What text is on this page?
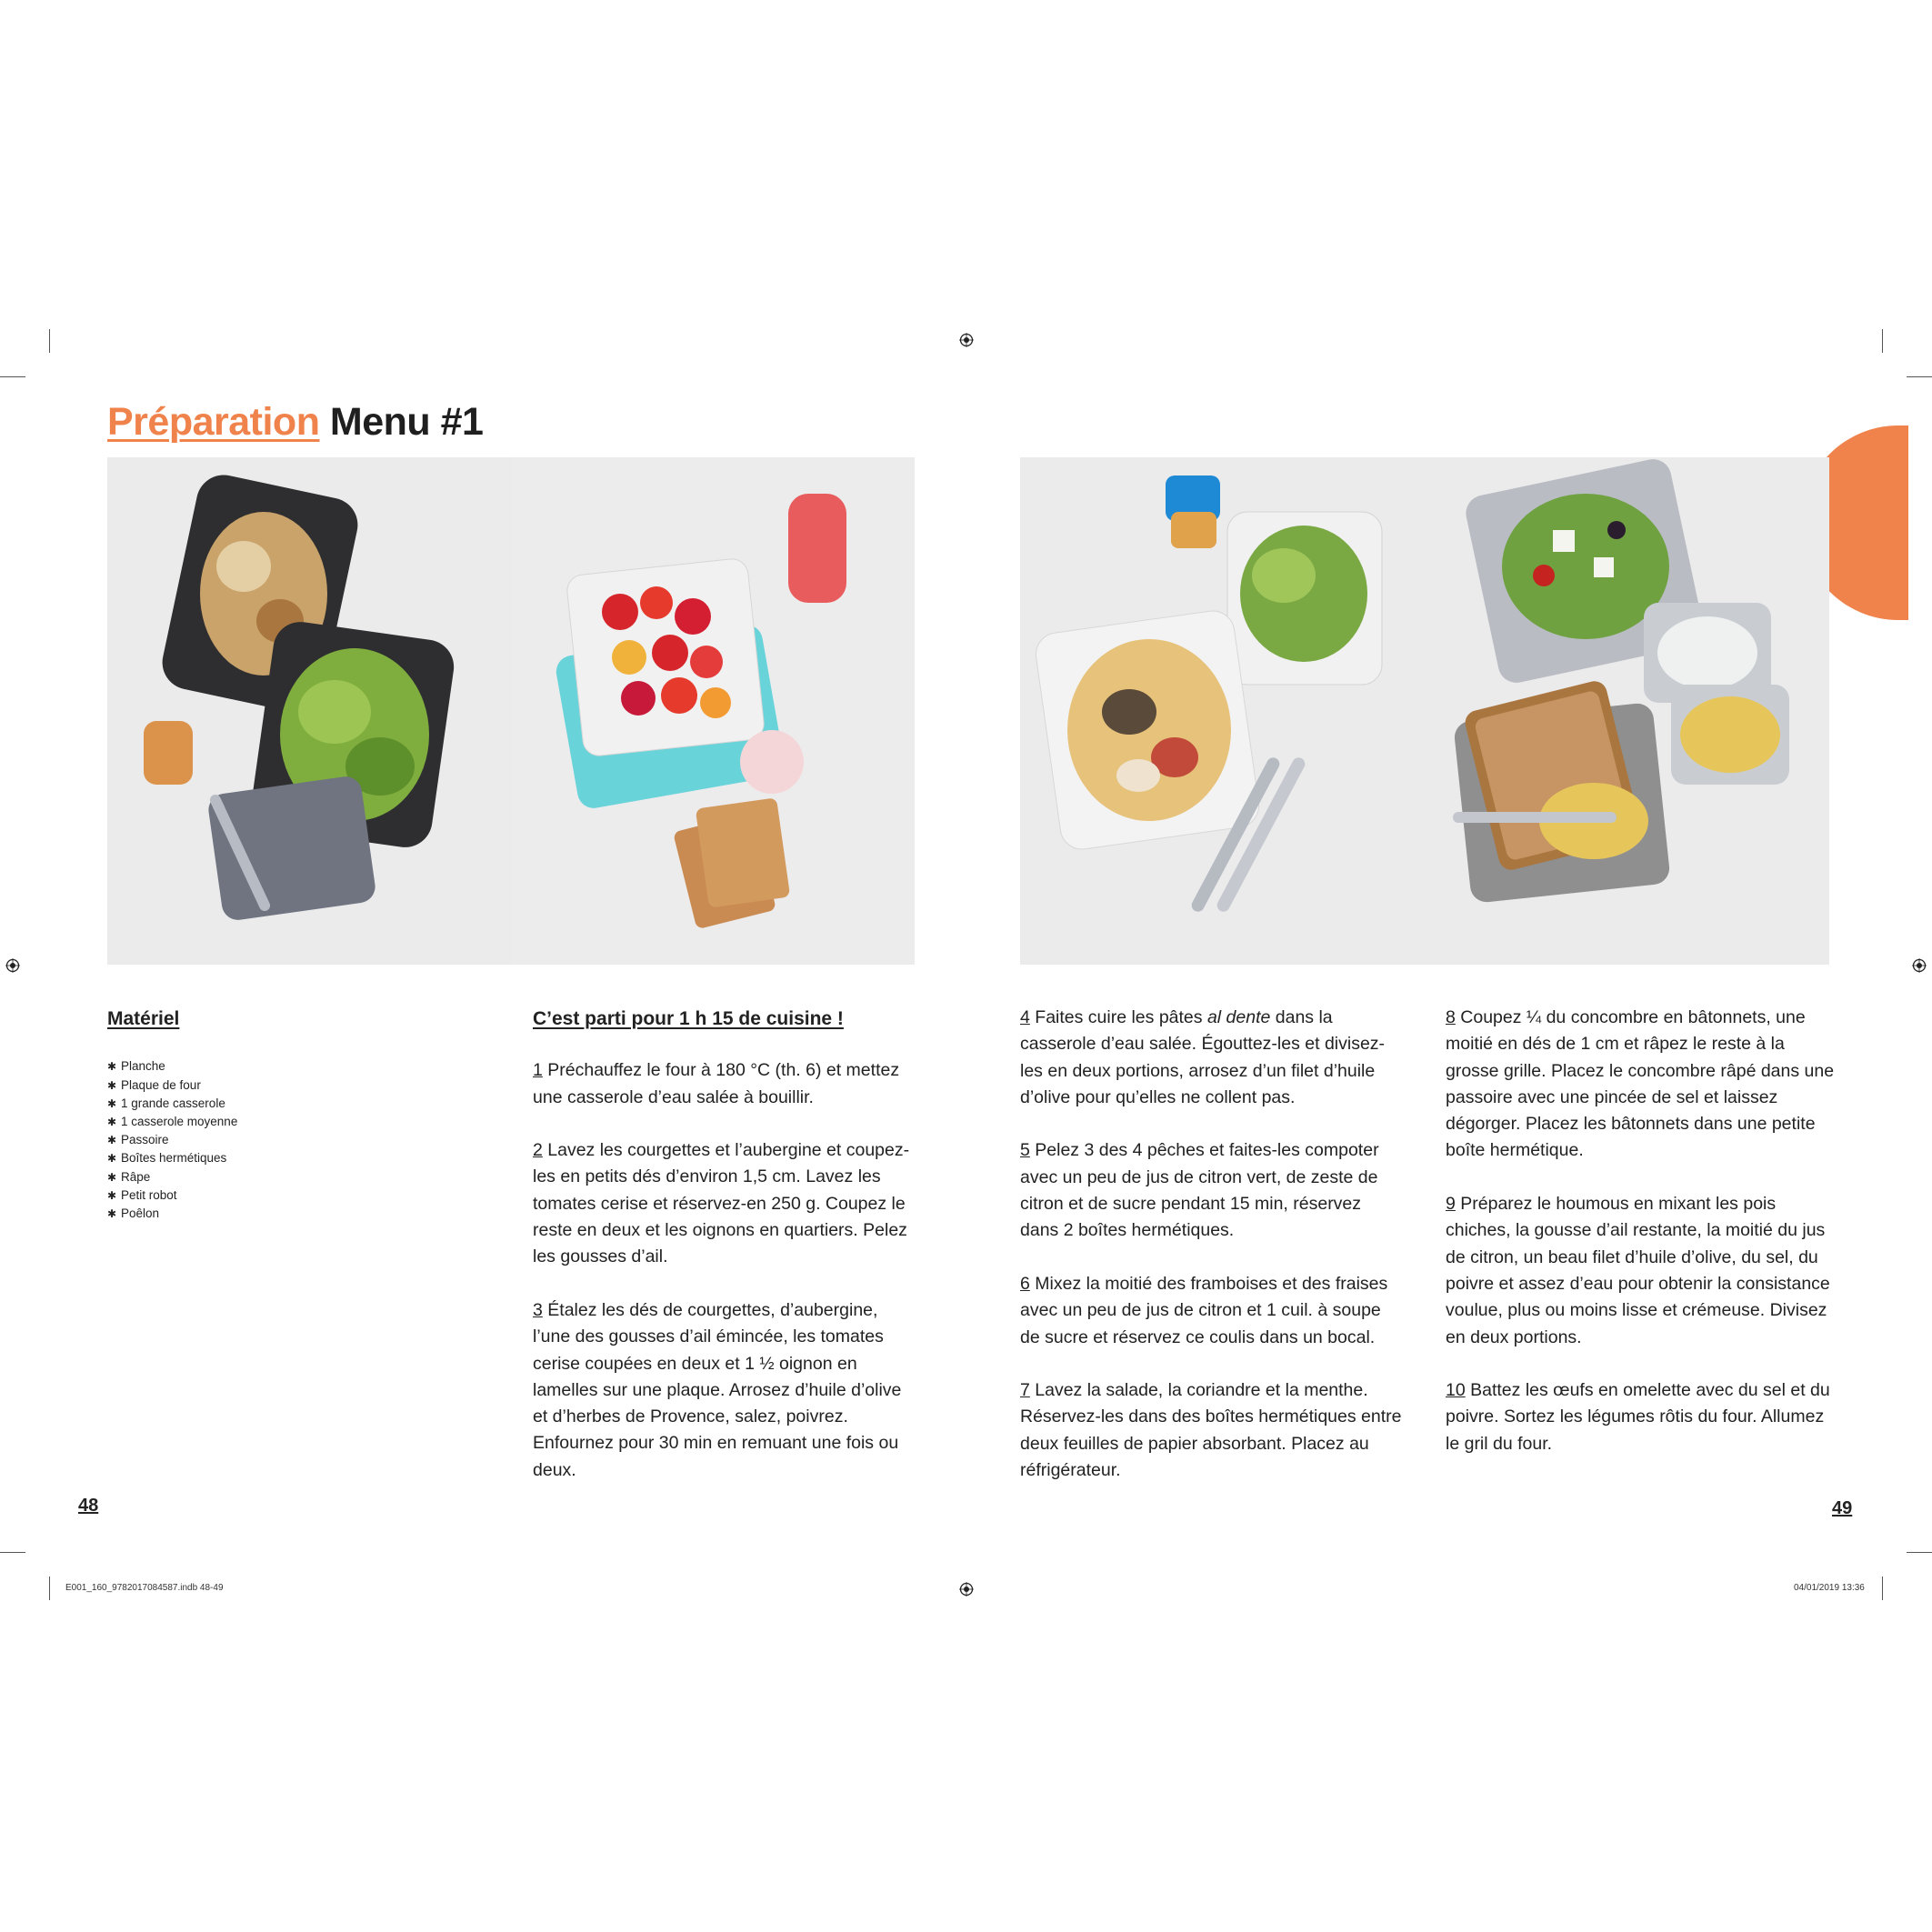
Préparation Menu #1
Matériel
✱ Planche
✱ Plaque de four
✱ 1 grande casserole
✱ 1 casserole moyenne
✱ Passoire
✱ Boîtes hermétiques
✱ Râpe
✱ Petit robot
✱ Poêlon
C’est parti pour 1 h 15 de cuisine !

1 Préchauffez le four à 180 °C (th. 6) et mettez une casserole d’eau salée à bouillir.

2 Lavez les courgettes et l’aubergine et coupez-les en petits dés d’environ 1,5 cm. Lavez les tomates cerise et réservez-en 250 g. Coupez le reste en deux et les oignons en quartiers. Pelez les gousses d’ail.

3 Étalez les dés de courgettes, d’aubergine, l’une des gousses d’ail émincée, les tomates cerise coupées en deux et 1 ½ oignon en lamelles sur une plaque. Arrosez d’huile d’olive et d’herbes de Provence, salez, poivrez. Enfournez pour 30 min en remuant une fois ou deux.

4 Faites cuire les pâtes al dente dans la casserole d’eau salée. Égouttez-les et divisez-les en deux portions, arrosez d’un filet d’huile d’olive pour qu’elles ne collent pas.

5 Pelez 3 des 4 pêches et faites-les compoter avec un peu de jus de citron vert, de zeste de citron et de sucre pendant 15 min, réservez dans 2 boîtes hermétiques.

6 Mixez la moitié des framboises et des fraises avec un peu de jus de citron et 1 cuil. à soupe de sucre et réservez ce coulis dans un bocal.

7 Lavez la salade, la coriandre et la menthe. Réservez-les dans des boîtes hermétiques entre deux feuilles de papier absorbant. Placez au réfrigérateur.

8 Coupez ¼ du concombre en bâtonnets, une moitié en dés de 1 cm et râpez le reste à la grosse grille. Placez le concombre râpé dans une passoire avec une pincée de sel et laissez dégorger. Placez les bâtonnets dans une petite boîte hermétique.

9 Préparez le houmous en mixant les pois chiches, la gousse d’ail restante, la moitié du jus de citron, un beau filet d’huile d’olive, du sel, du poivre et assez d’eau pour obtenir la consistance voulue, plus ou moins lisse et crémeuse. Divisez en deux portions.

10 Battez les œufs en omelette avec du sel et du poivre. Sortez les légumes rôtis du four. Allumez le gril du four.

48	49
E001_160_9782017084587.indb 48-49	04/01/2019 13:36
